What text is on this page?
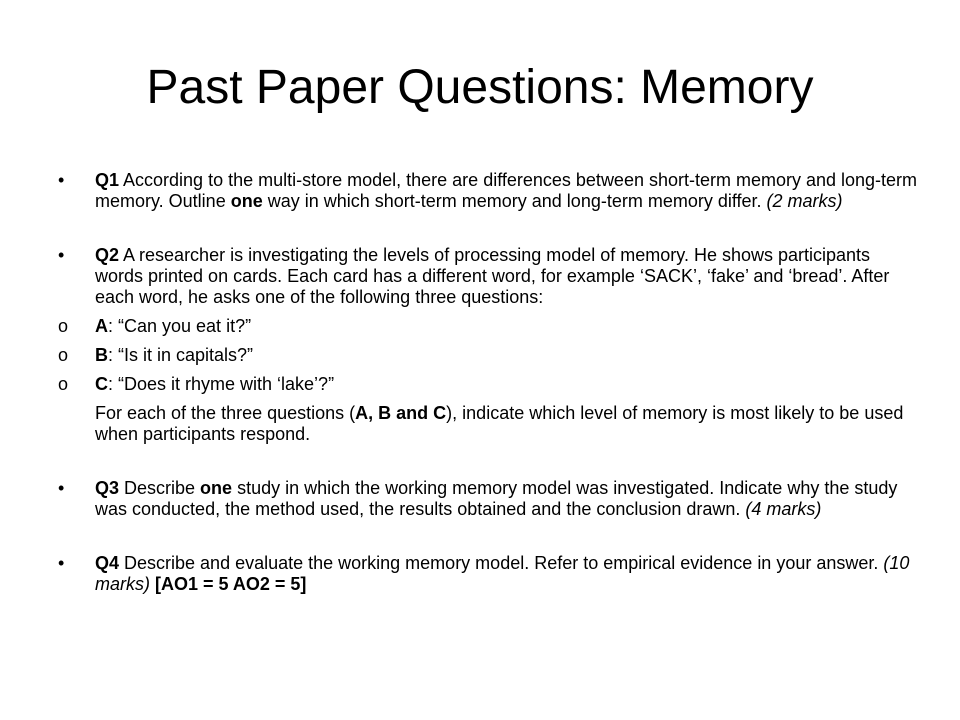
Past Paper Questions: Memory
•	Q1 According to the multi-store model, there are differences between short-term memory and long-term memory. Outline one way in which short-term memory and long-term memory differ. (2 marks)
•	Q2 A researcher is investigating the levels of processing model of memory. He shows participants words printed on cards. Each card has a different word, for example ‘SACK’, ‘fake’ and ‘bread’. After each word, he asks one of the following three questions:
o	A: “Can you eat it?”
o	B: “Is it in capitals?”
o	C: “Does it rhyme with ‘lake’?”
For each of the three questions (A, B and C), indicate which level of memory is most likely to be used when participants respond.
•	Q3 Describe one study in which the working memory model was investigated. Indicate why the study was conducted, the method used, the results obtained and the conclusion drawn. (4 marks)
•	Q4 Describe and evaluate the working memory model. Refer to empirical evidence in your answer. (10 marks) [AO1 = 5 AO2 = 5]
